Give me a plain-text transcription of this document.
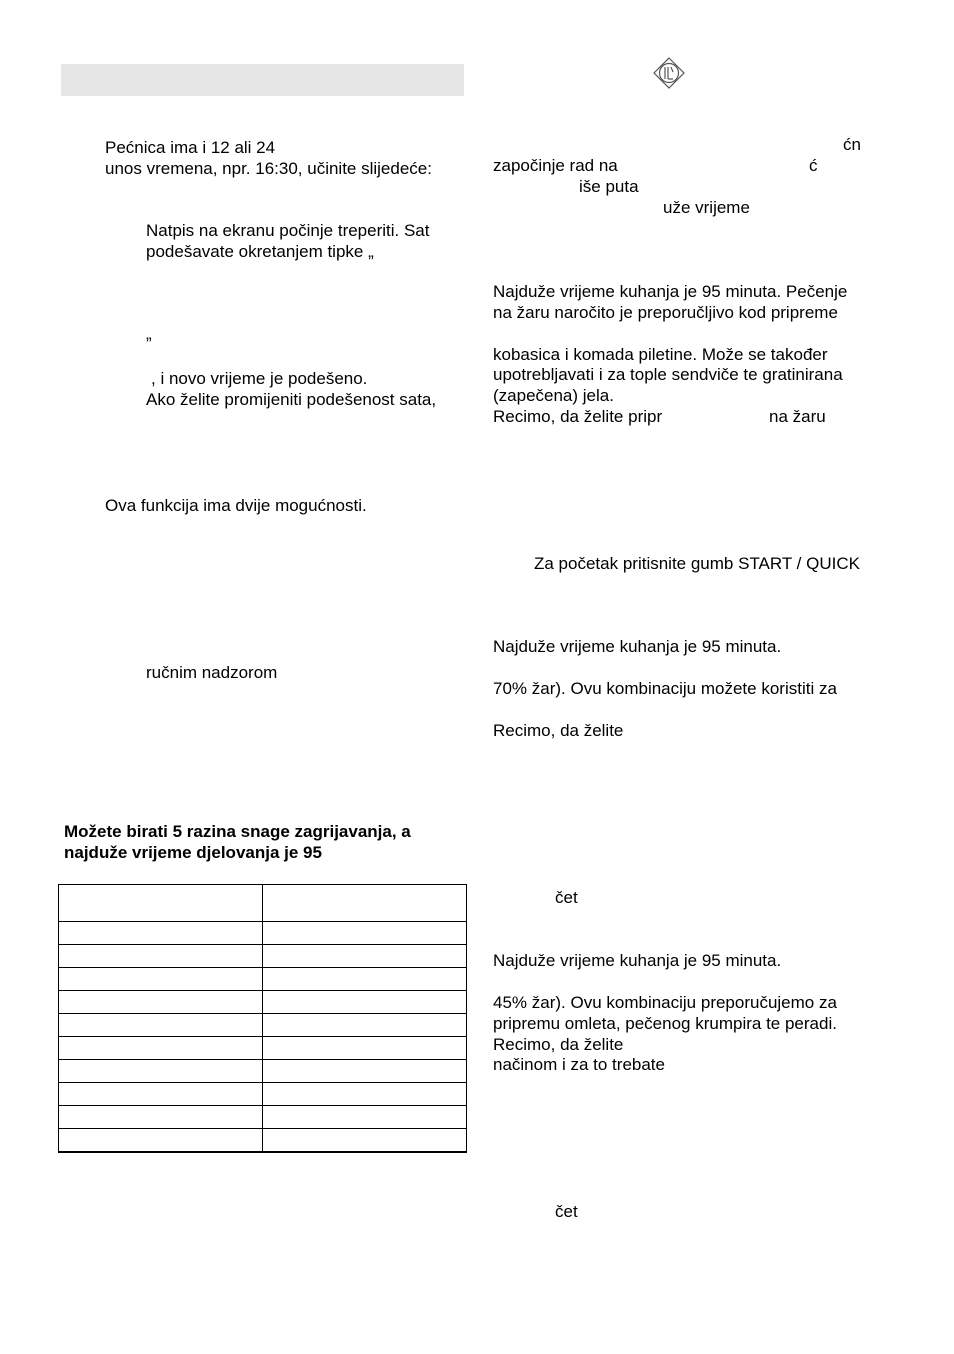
Pećnica ima i 12 ali 24
unos vremena, npr. 16:30, učinite slijedeće:
Natpis na ekranu počinje treperiti. Sat
podešavate okretanjem tipke „
”
, i novo vrijeme je podešeno.
Ako želite promijeniti podešenost sata,
Ova funkcija ima dvije mogućnosti.
ručnim nadzorom
Možete birati 5 razina snage zagrijavanja, a
najduže vrijeme djelovanja je 95

ćn
započinje rad na	ć
iše puta
uže vrijeme
Najduže vrijeme kuhanja je 95 minuta. Pečenje
na žaru naročito je preporučljivo kod pripreme
kobasica i komada piletine. Može se također
upotrebljavati i za tople sendviče te gratinirana
(zapečena) jela.
Recimo, da želite pripr	na žaru
Za početak pritisnite gumb START / QUICK
Najduže vrijeme kuhanja je 95 minuta.
70% žar). Ovu kombinaciju možete koristiti za
Recimo, da želite
čet
Najduže vrijeme kuhanja je 95 minuta.
45% žar). Ovu kombinaciju preporučujemo za
pripremu omleta, pečenog krumpira te peradi.
Recimo, da želite
načinom i za to trebate
čet
